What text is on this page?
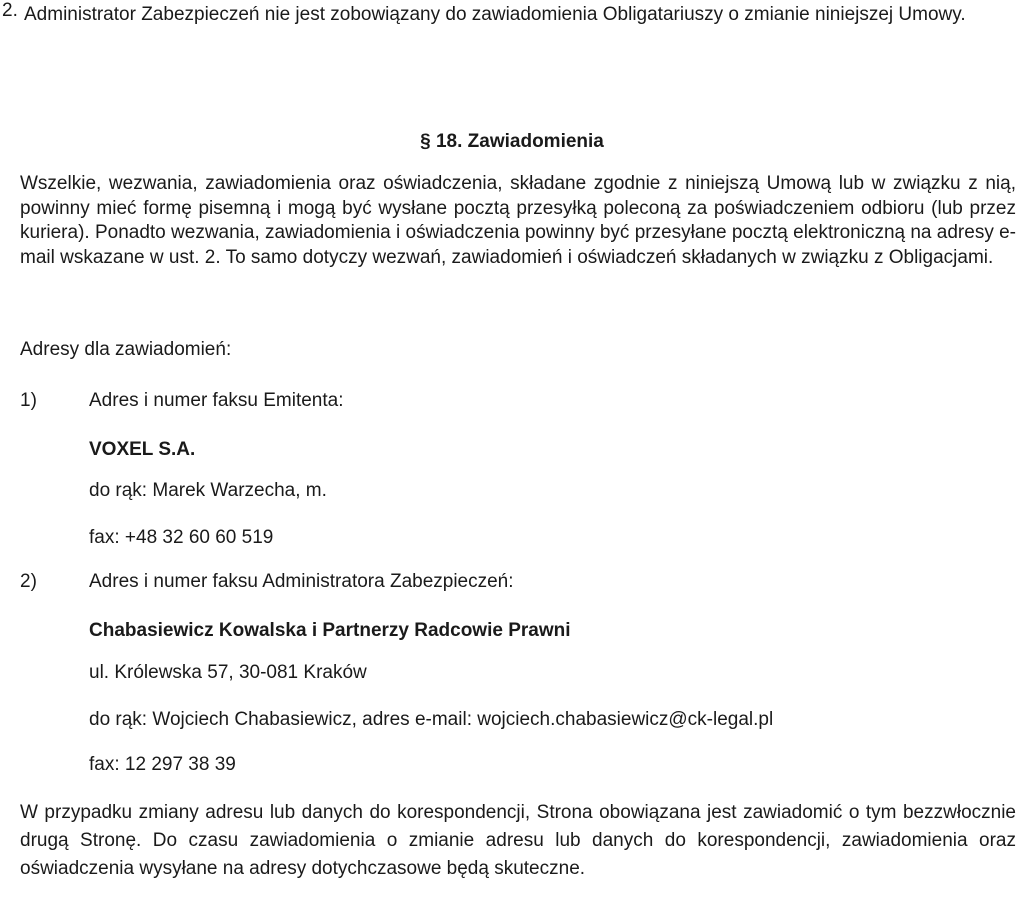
2. Administrator Zabezpieczeń nie jest zobowiązany do zawiadomienia Obligatariuszy o zmianie niniejszej Umowy.

§ 18. Zawiadomienia

Wszelkie, wezwania, zawiadomienia oraz oświadczenia, składane zgodnie z niniejszą Umową lub w związku z nią, powinny mieć formę pisemną i mogą być wysłane pocztą przesyłką poleconą za poświadczeniem odbioru (lub przez kuriera). Ponadto wezwania, zawiadomienia i oświadczenia powinny być przesyłane pocztą elektroniczną na adresy e-mail wskazane w ust. 2. To samo dotyczy wezwań, zawiadomień i oświadczeń składanych w związku z Obligacjami.

Adresy dla zawiadomień:
1)	Adres i numer faksu Emitenta:
VOXEL S.A.
do rąk: Marek Warzecha, m.
fax: +48 32 60 60 519
2)	Adres i numer faksu Administratora Zabezpieczeń:
Chabasiewicz Kowalska i Partnerzy Radcowie Prawni
ul. Królewska 57, 30-081 Kraków
do rąk: Wojciech Chabasiewicz, adres e-mail: wojciech.chabasiewicz@ck-legal.pl
fax: 12 297 38 39

W przypadku zmiany adresu lub danych do korespondencji, Strona obowiązana jest zawiadomić o tym bezzwłocznie drugą Stronę. Do czasu zawiadomienia o zmianie adresu lub danych do korespondencji, zawiadomienia oraz oświadczenia wysyłane na adresy dotychczasowe będą skuteczne.
